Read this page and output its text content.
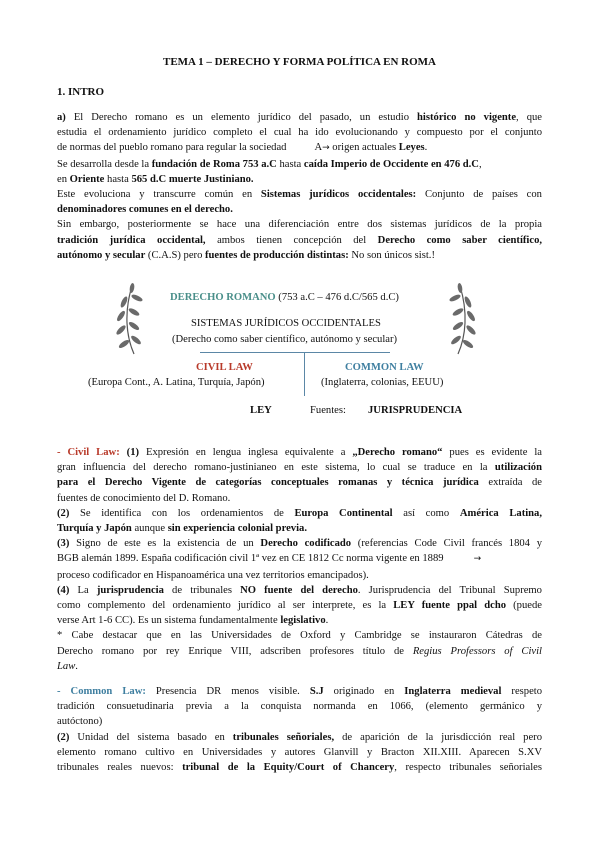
TEMA 1 – DERECHO Y FORMA POLÍTICA EN ROMA
1. INTRO
a) El Derecho romano es un elemento jurídico del pasado, un estudio histórico no vigente, que
estudia el ordenamiento jurídico completo el cual ha ido evolucionando y compuesto por el conjunto
de normas del pueblo romano para regular la sociedad	A→ origen actuales Leyes.
Se desarrolla desde la fundación de Roma 753 a.C hasta caída Imperio de Occidente en 476 d.C,
en Oriente hasta 565 d.C muerte Justiniano.
Este evoluciona y transcurre común en Sistemas jurídicos occidentales: Conjunto de países con
denominadores comunes en el derecho.
Sin embargo, posteriormente se hace una diferenciación entre dos sistemas jurídicos de la propia
tradición jurídica occidental, ambos tienen concepción del Derecho como saber científico,
autónomo y secular (C.A.S) pero fuentes de producción distintas: No son únicos sist.!
DERECHO ROMANO (753 a.C – 476 d.C/565 d.C)
SISTEMAS JURÍDICOS OCCIDENTALES
(Derecho como saber científico, autónomo y secular)
CIVIL LAW
(Europa Cont., A. Latina, Turquía, Japón)
COMMON LAW
(Inglaterra, colonias, EEUU)
LEY	Fuentes: JURISPRUDENCIA
- Civil Law: (1) Expresión en lengua inglesa equivalente a „Derecho romano“ pues es evidente la
gran influencia del derecho romano-justinianeo en este sistema, lo cual se traduce en la utilización
para el Derecho Vigente de categorías conceptuales romanas y técnica jurídica extraída de
fuentes de conocimiento del D. Romano.
(2) Se identifica con los ordenamientos de Europa Continental así como América Latina,
Turquía y Japón aunque sin experiencia colonial previa.
(3) Signo de este es la existencia de un Derecho codificado (referencias Code Civil francés 1804 y
BGB alemán 1899. España codificación civil 1ª vez en CE 1812 Cc norma vigente en 1889	→
proceso codificador en Hispanoamérica una vez territorios emancipados).
(4) La jurisprudencia de tribunales NO fuente del derecho. Jurisprudencia del Tribunal Supremo
como complemento del ordenamiento jurídico al ser interprete, es la LEY fuente ppal dcho (puede
verse Art 1-6 CC). Es un sistema fundamentalmente legislativo.
* Cabe destacar que en las Universidades de Oxford y Cambridge se instauraron Cátedras de
Derecho romano por rey Enrique VIII, adscriben profesores título de Regius Professors of Civil
Law.
- Common Law: Presencia DR menos visible. S.J originado en Inglaterra medieval respeto
tradición consuetudinaria previa a la conquista normanda en 1066, (elemento germánico y
autóctono)
(2) Unidad del sistema basado en tribunales señoriales, de aparición de la jurisdicción real pero
elemento romano cultivo en Universidades y autores Glanvill y Bracton XII.XIII. Aparecen S.XV
tribunales reales nuevos: tribunal de la Equity/Court of Chancery, respecto tribunales señoriales
